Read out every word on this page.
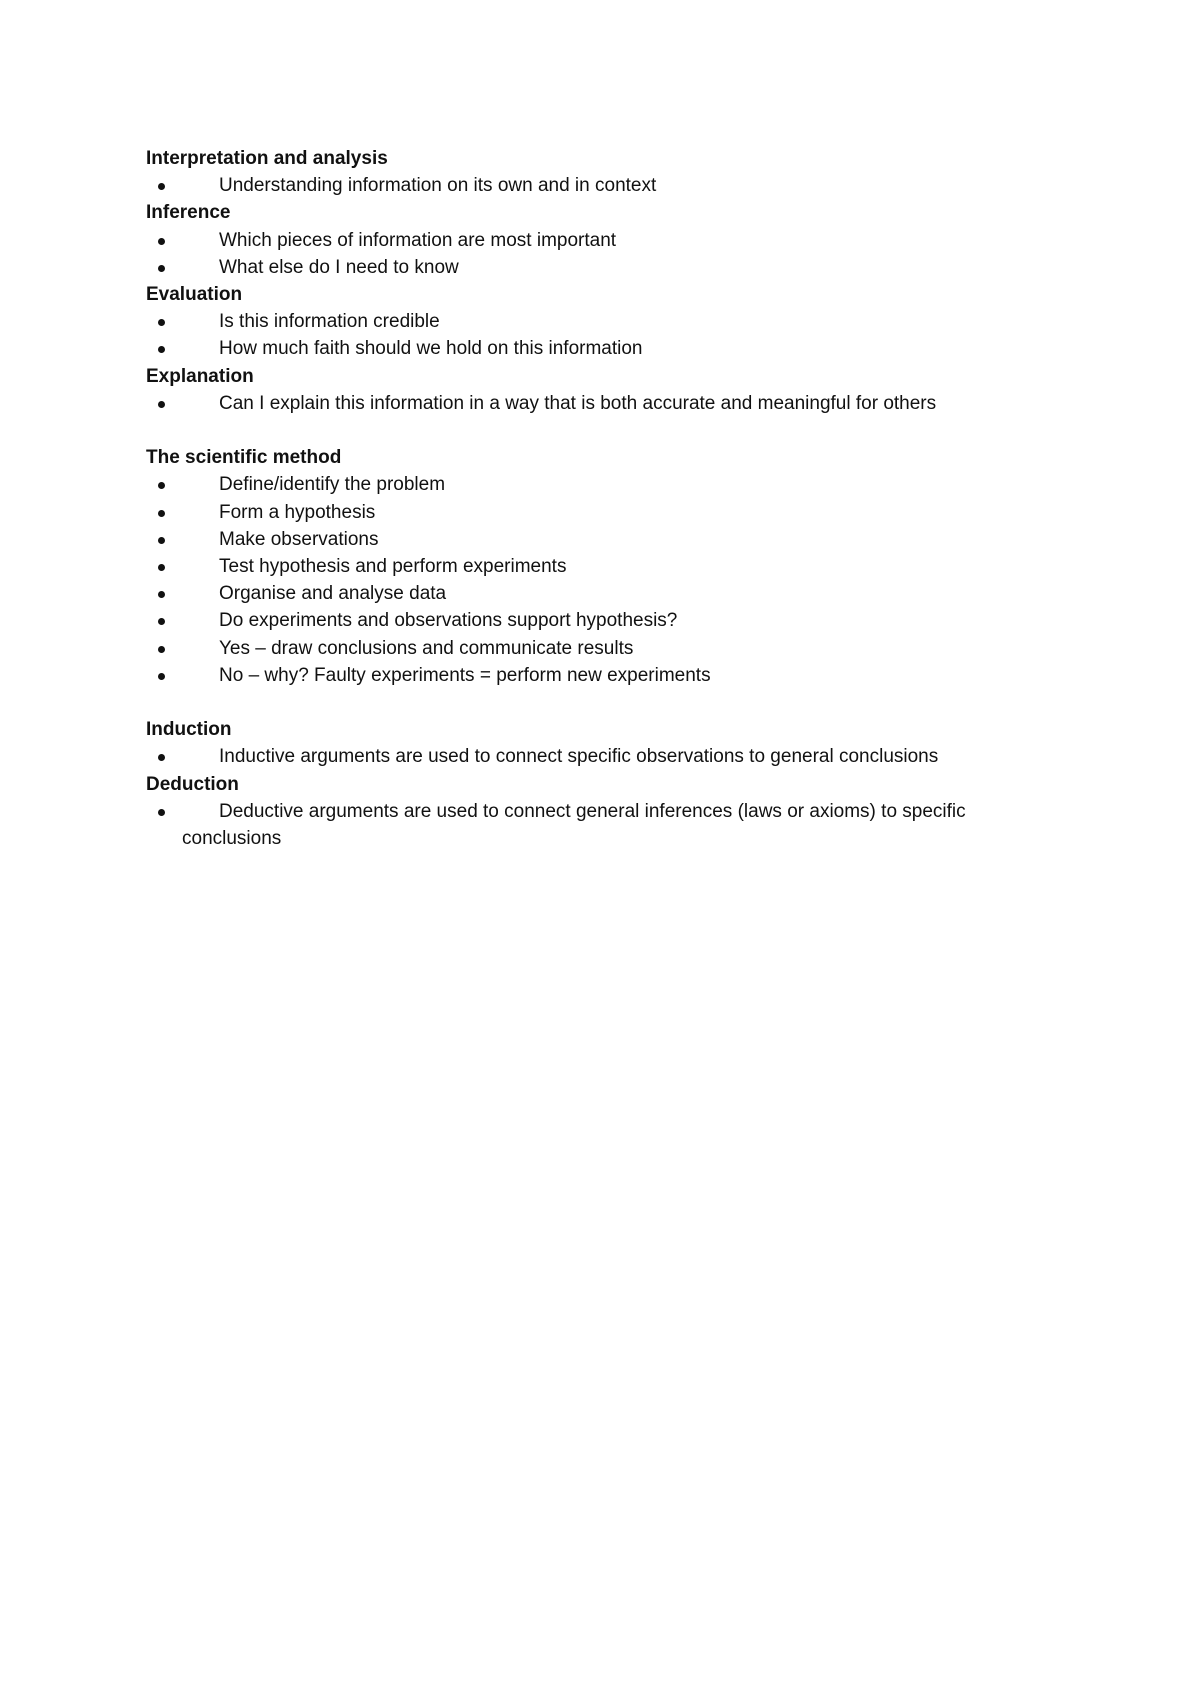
Interpretation and analysis
Understanding information on its own and in context
Inference
Which pieces of information are most important
What else do I need to know
Evaluation
Is this information credible
How much faith should we hold on this information
Explanation
Can I explain this information in a way that is both accurate and meaningful for others
The scientific method
Define/identify the problem
Form a hypothesis
Make observations
Test hypothesis and perform experiments
Organise and analyse data
Do experiments and observations support hypothesis?
Yes – draw conclusions and communicate results
No – why? Faulty experiments = perform new experiments
Induction
Inductive arguments are used to connect specific observations to general conclusions
Deduction
Deductive arguments are used to connect general inferences (laws or axioms) to specific
conclusions
